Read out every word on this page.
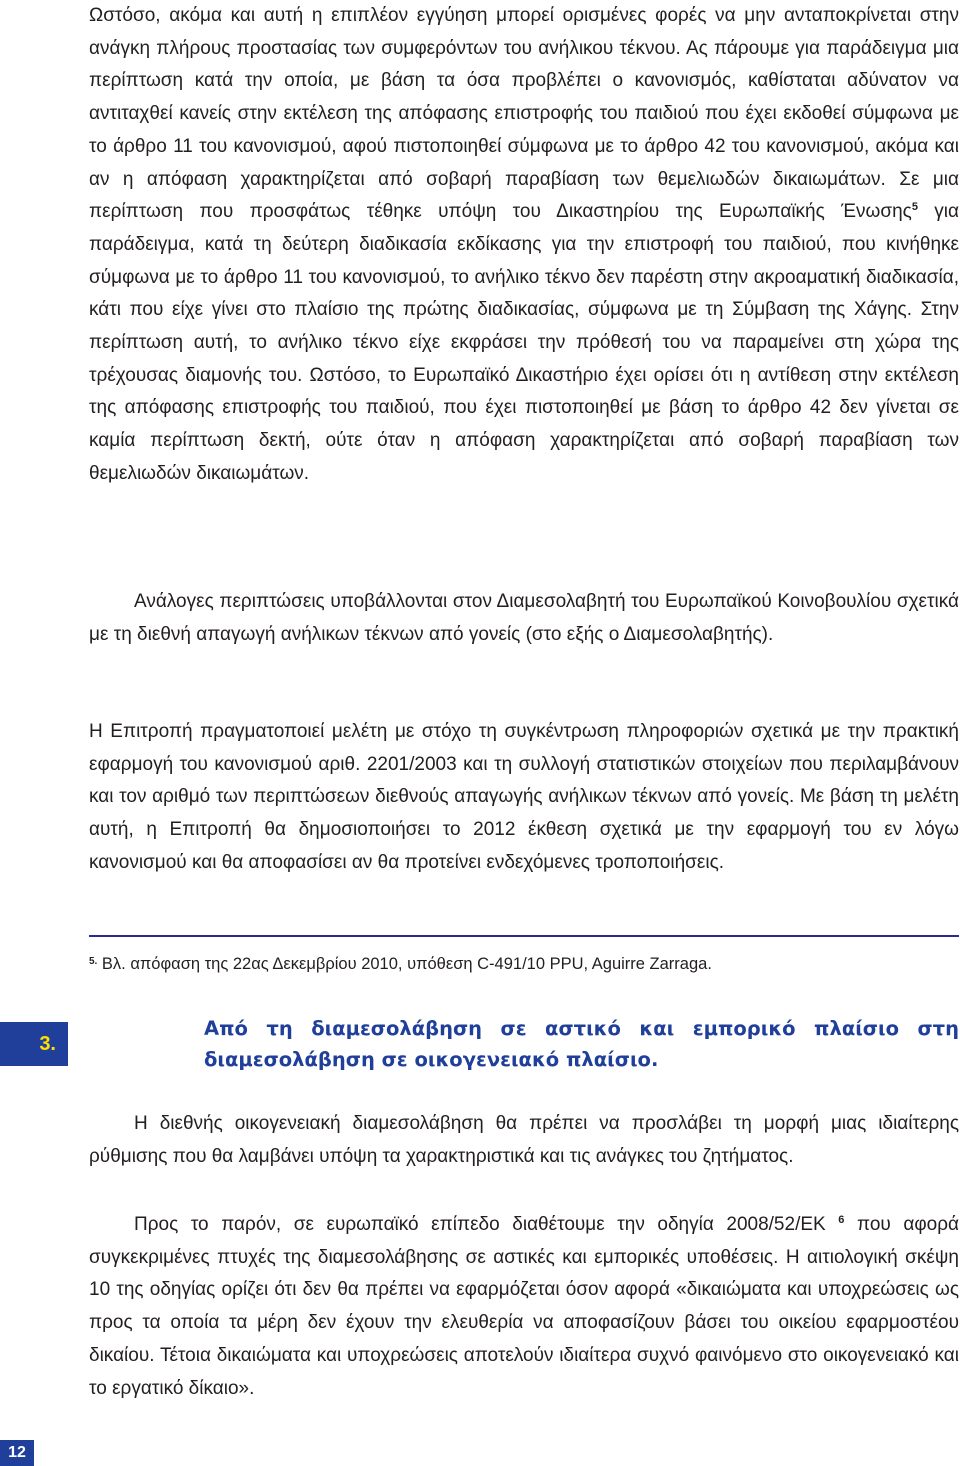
Ωστόσο, ακόμα και αυτή η επιπλέον εγγύηση μπορεί ορισμένες φορές να μην ανταποκρίνεται στην ανάγκη πλήρους προστασίας των συμφερόντων του ανήλικου τέκνου. Ας πάρουμε για παράδειγμα μια περίπτωση κατά την οποία, με βάση τα όσα προβλέπει ο κανονισμός, καθίσταται αδύνατον να αντιταχθεί κανείς στην εκτέλεση της απόφασης επιστροφής του παιδιού που έχει εκδοθεί σύμφωνα με το άρθρο 11 του κανονισμού, αφού πιστοποιηθεί σύμφωνα με το άρθρο 42 του κανονισμού, ακόμα και αν η απόφαση χαρακτηρίζεται από σοβαρή παραβίαση των θεμελιωδών δικαιωμάτων. Σε μια περίπτωση που προσφάτως τέθηκε υπόψη του Δικαστηρίου της Ευρωπαϊκής Ένωσης$^5$ για παράδειγμα, κατά τη δεύτερη διαδικασία εκδίκασης για την επιστροφή του παιδιού, που κινήθηκε σύμφωνα με το άρθρο 11 του κανονισμού, το ανήλικο τέκνο δεν παρέστη στην ακροαματική διαδικασία, κάτι που είχε γίνει στο πλαίσιο της πρώτης διαδικασίας, σύμφωνα με τη Σύμβαση της Χάγης. Στην περίπτωση αυτή, το ανήλικο τέκνο είχε εκφράσει την πρόθεσή του να παραμείνει στη χώρα της τρέχουσας διαμονής του. Ωστόσο, το Ευρωπαϊκό Δικαστήριο έχει ορίσει ότι η αντίθεση στην εκτέλεση της απόφασης επιστροφής του παιδιού, που έχει πιστοποιηθεί με βάση το άρθρο 42 δεν γίνεται σε καμία περίπτωση δεκτή, ούτε όταν η απόφαση χαρακτηρίζεται από σοβαρή παραβίαση των θεμελιωδών δικαιωμάτων.

Ανάλογες περιπτώσεις υποβάλλονται στον Διαμεσολαβητή του Ευρωπαϊκού Κοινοβουλίου σχετικά με τη διεθνή απαγωγή ανήλικων τέκνων από γονείς (στο εξής ο Διαμεσολαβητής).

Η Επιτροπή πραγματοποιεί μελέτη με στόχο τη συγκέντρωση πληροφοριών σχετικά με την πρακτική εφαρμογή του κανονισμού αριθ. 2201/2003 και τη συλλογή στατιστικών στοιχείων που περιλαμβάνουν και τον αριθμό των περιπτώσεων διεθνούς απαγωγής ανήλικων τέκνων από γονείς. Με βάση τη μελέτη αυτή, η Επιτροπή θα δημοσιοποιήσει το 2012 έκθεση σχετικά με την εφαρμογή του εν λόγω κανονισμού και θα αποφασίσει αν θα προτείνει ενδεχόμενες τροποποιήσεις.

$^{5.}$ Βλ. απόφαση της 22ας Δεκεμβρίου 2010, υπόθεση C-491/10 PPU, Aguirre Zarraga.
3.
Από τη διαμεσολάβηση σε αστικό και εμπορικό πλαίσιο στη διαμεσολάβηση σε οικογενειακό πλαίσιο.

Η διεθνής οικογενειακή διαμεσολάβηση θα πρέπει να προσλάβει τη μορφή μιας ιδιαίτερης ρύθμισης που θα λαμβάνει υπόψη τα χαρακτηριστικά και τις ανάγκες του ζητήματος.

Προς το παρόν, σε ευρωπαϊκό επίπεδο διαθέτουμε την οδηγία 2008/52/ΕΚ $^6$ που αφορά συγκεκριμένες πτυχές της διαμεσολάβησης σε αστικές και εμπορικές υποθέσεις. Η αιτιολογική σκέψη 10 της οδηγίας ορίζει ότι δεν θα πρέπει να εφαρμόζεται όσον αφορά «δικαιώματα και υποχρεώσεις ως προς τα οποία τα μέρη δεν έχουν την ελευθερία να αποφασίζουν βάσει του οικείου εφαρμοστέου δικαίου. Τέτοια δικαιώματα και υποχρεώσεις αποτελούν ιδιαίτερα συχνό φαινόμενο στο οικογενειακό και το εργατικό δίκαιο».

12
